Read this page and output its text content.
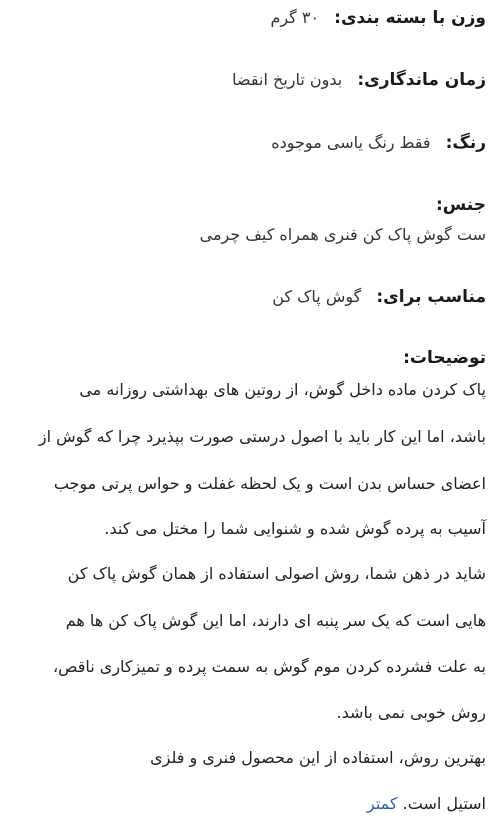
وزن با بسته بندی: ۳۰ گرم
زمان ماندگاری: بدون تاریخ انقضا
رنگ: فقط رنگ یاسی موجوده
جنس:
ست گوش پاک کن فنری همراه کیف چرمی
مناسب برای: گوش پاک کن
توضیحات:
پاک کردن ماده داخل گوش، از روتین های بهداشتی روزانه می
باشد، اما این کار باید با اصول درستی صورت بپذیرد چرا که گوش از
اعضای حساس بدن است و یک لحظه غفلت و حواس پرتی موجب
آسیب به پرده گوش شده و شنوایی شما را مختل می کند.
شاید در ذهن شما، روش اصولی استفاده از همان گوش پاک کن
هایی است که یک سر پنبه ای دارند، اما این گوش پاک کن ها هم
به علت فشرده کردن موم گوش به سمت پرده و تمیزکاری ناقص،
روش خوبی نمی باشد.
بهترین روش، استفاده از این محصول فنری و فلزی
استیل است. کمتر
